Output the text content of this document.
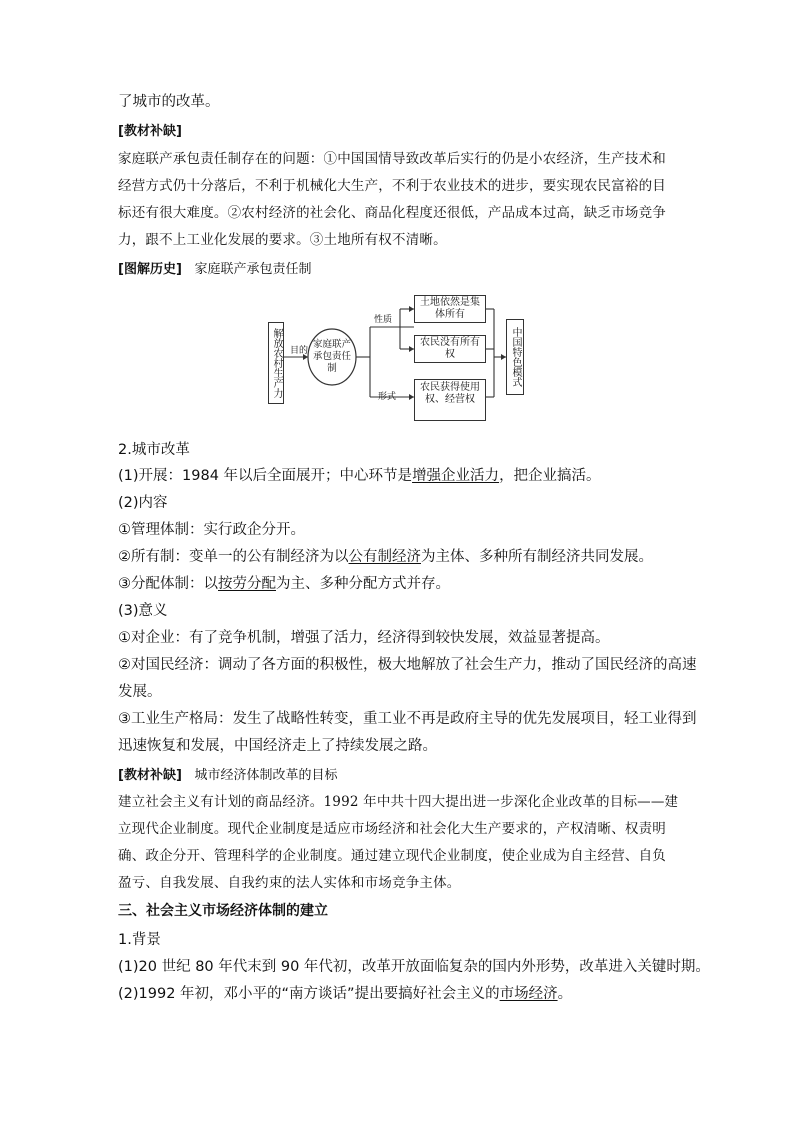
了城市的改革。
[教材补缺]
家庭联产承包责任制存在的问题：①中国国情导致改革后实行的仍是小农经济，生产技术和
经营方式仍十分落后，不利于机械化大生产，不利于农业技术的进步，要实现农民富裕的目
标还有很大难度。②农村经济的社会化、商品化程度还很低，产品成本过高，缺乏市场竞争
力，跟不上工业化发展的要求。③土地所有权不清晰。
[图解历史] 家庭联产承包责任制
解放农村生产力 目的
家庭联产承包责任制
性质
形式
土地依然是集体所有
农民没有所有权
农民获得使用权、经营权
中国特色模式
2.城市改革
(1)开展：1984 年以后全面展开；中心环节是增强企业活力，把企业搞活。
(2)内容
①管理体制：实行政企分开。
②所有制：变单一的公有制经济为以公有制经济为主体、多种所有制经济共同发展。
③分配体制：以按劳分配为主、多种分配方式并存。
(3)意义
①对企业：有了竞争机制，增强了活力，经济得到较快发展，效益显著提高。
②对国民经济：调动了各方面的积极性，极大地解放了社会生产力，推动了国民经济的高速
发展。
③工业生产格局：发生了战略性转变，重工业不再是政府主导的优先发展项目，轻工业得到
迅速恢复和发展，中国经济走上了持续发展之路。
[教材补缺] 城市经济体制改革的目标
建立社会主义有计划的商品经济。1992 年中共十四大提出进一步深化企业改革的目标——建
立现代企业制度。现代企业制度是适应市场经济和社会化大生产要求的，产权清晰、权责明
确、政企分开、管理科学的企业制度。通过建立现代企业制度，使企业成为自主经营、自负
盈亏、自我发展、自我约束的法人实体和市场竞争主体。
三、社会主义市场经济体制的建立
1.背景
(1)20 世纪 80 年代末到 90 年代初，改革开放面临复杂的国内外形势，改革进入关键时期。
(2)1992 年初，邓小平的“南方谈话”提出要搞好社会主义的市场经济。
